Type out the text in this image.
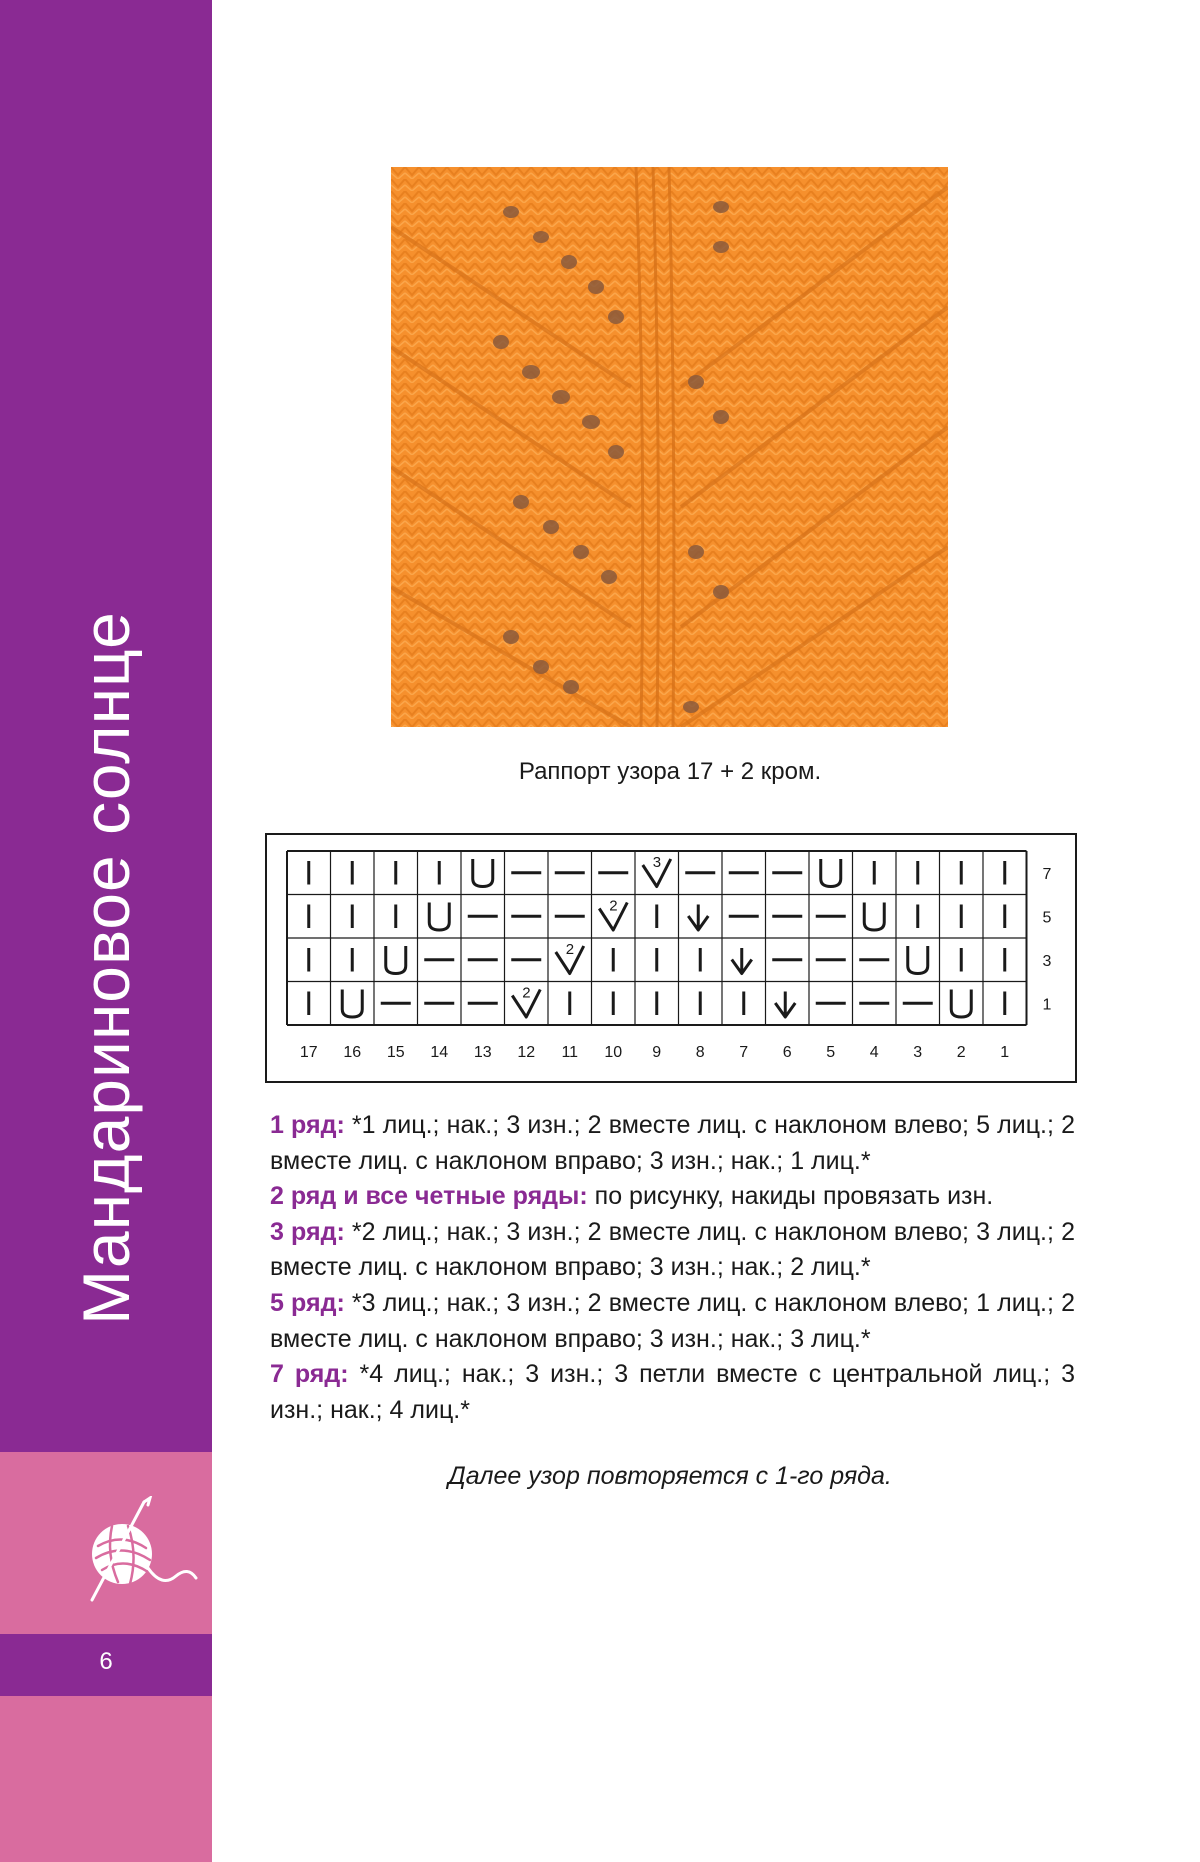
Мандариновое солнце
6
Раппорт узора 17 + 2 кром.
3
2
2
2
7
5
3
1
17 16 15 14 13 12 11 10 9 8 7 6 5 4 3 2 1

1 ряд: *1 лиц.; нак.; 3 изн.; 2 вместе лиц. с наклоном влево; 5 лиц.; 2 вместе лиц. с наклоном вправо; 3 изн.; нак.; 1 лиц.*

2 ряд и все четные ряды: по рисунку, накиды провязать изн.

3 ряд: *2 лиц.; нак.; 3 изн.; 2 вместе лиц. с наклоном влево; 3 лиц.; 2 вместе лиц. с наклоном вправо; 3 изн.; нак.; 2 лиц.*

5 ряд: *3 лиц.; нак.; 3 изн.; 2 вместе лиц. с наклоном влево; 1 лиц.; 2 вместе лиц. с наклоном вправо; 3 изн.; нак.; 3 лиц.*

7 ряд: *4 лиц.; нак.; 3 изн.; 3 петли вместе с центральной лиц.; 3 изн.; нак.; 4 лиц.*

Далее узор повторяется с 1-го ряда.
